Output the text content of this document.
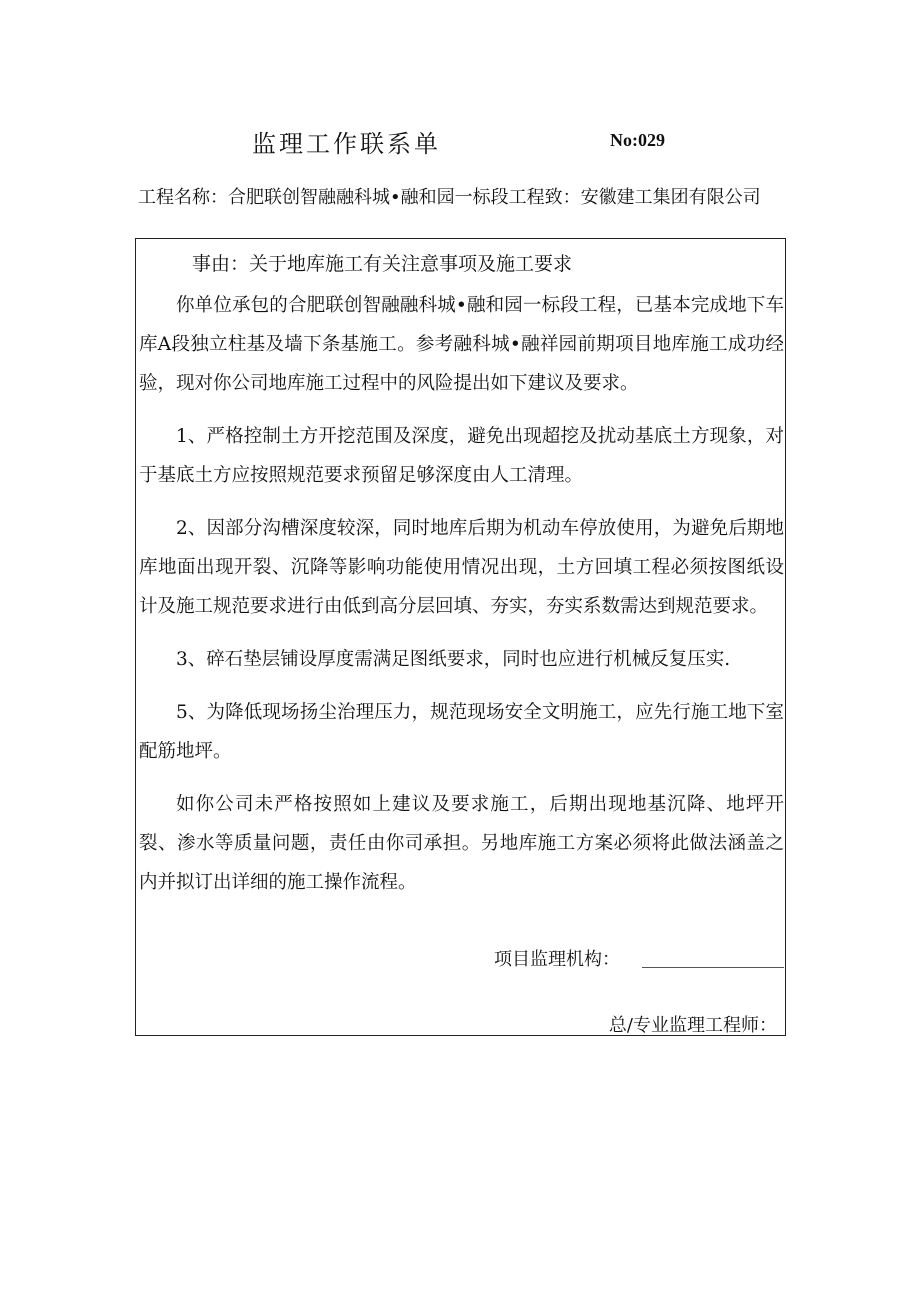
监理工作联系单	No:029
工程名称：合肥联创智融融科城•融和园一标段工程致：安徽建工集团有限公司
事由：关于地库施工有关注意事项及施工要求

你单位承包的合肥联创智融融科城•融和园一标段工程，已基本完成地下车库A段独立柱基及墙下条基施工。参考融科城•融祥园前期项目地库施工成功经验，现对你公司地库施工过程中的风险提出如下建议及要求。

1、严格控制土方开挖范围及深度，避免出现超挖及扰动基底土方现象，对于基底土方应按照规范要求预留足够深度由人工清理。

2、因部分沟槽深度较深，同时地库后期为机动车停放使用，为避免后期地库地面出现开裂、沉降等影响功能使用情况出现，土方回填工程必须按图纸设计及施工规范要求进行由低到高分层回填、夯实，夯实系数需达到规范要求。

3、碎石垫层铺设厚度需满足图纸要求，同时也应进行机械反复压实.

5、为降低现场扬尘治理压力，规范现场安全文明施工，应先行施工地下室配筋地坪。

如你公司未严格按照如上建议及要求施工，后期出现地基沉降、地坪开裂、渗水等质量问题，责任由你司承担。另地库施工方案必须将此做法涵盖之内并拟订出详细的施工操作流程。

项目监理机构：
总/专业监理工程师：
